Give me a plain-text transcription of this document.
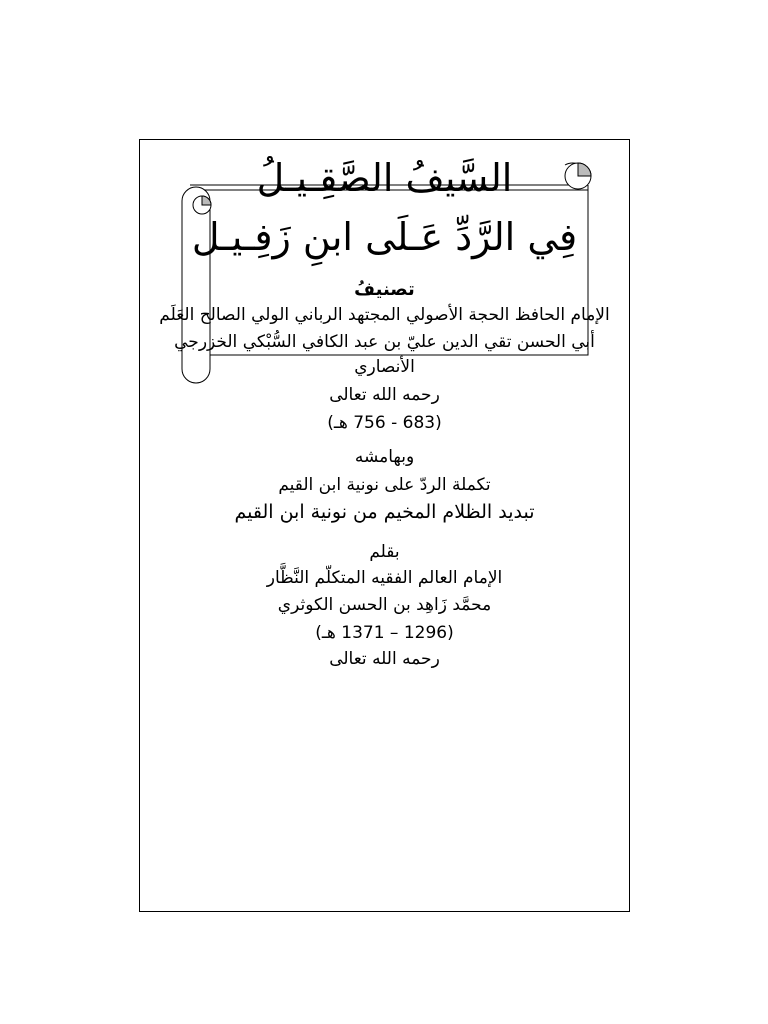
السَّيفُ الصَّقِـيـلُ
فِي الرَّدِّ عَـلَى ابنِ زَفِـيـل
تصنيفُ
الإمام الحافظ الحجة الأصولي المجتهد الرباني الولي الصالح العَلَم
أبي الحسن تقي الدين عليّ بن عبد الكافي السُّبْكي الخزرجي
الأنصاري
رحمه الله تعالى
(683 - 756 هـ)
وبهامشه
تكملة الردّ على نونية ابن القيم
تبديد الظلام المخيم من نونية ابن القيم
بقلم
الإمام العالم الفقيه المتكلّم النَّظَّار
محمَّد زَاهِد بن الحسن الكوثري
(1296 – 1371 هـ)
رحمه الله تعالى
